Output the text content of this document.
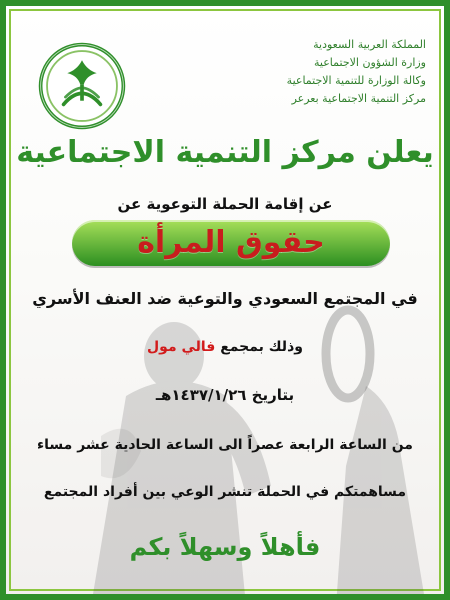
المملكة العربية السعودية
وزارة الشؤون الاجتماعية
وكالة الوزارة للتنمية الاجتماعية
مركز التنمية الاجتماعية بعرعر
يعلن مركز التنمية الاجتماعية
عن إقامة الحملة التوعوية عن
حقوق المرأة
في المجتمع السعودي والتوعية ضد العنف الأسري
وذلك بمجمع فالي مول
بتاريخ ١٤٣٧/١/٢٦هـ
من الساعة الرابعة عصراً الى الساعة الحادية عشر مساء
مساهمتكم في الحملة تنشر الوعي بين أفراد المجتمع
فأهلاً وسهلاً بكم
